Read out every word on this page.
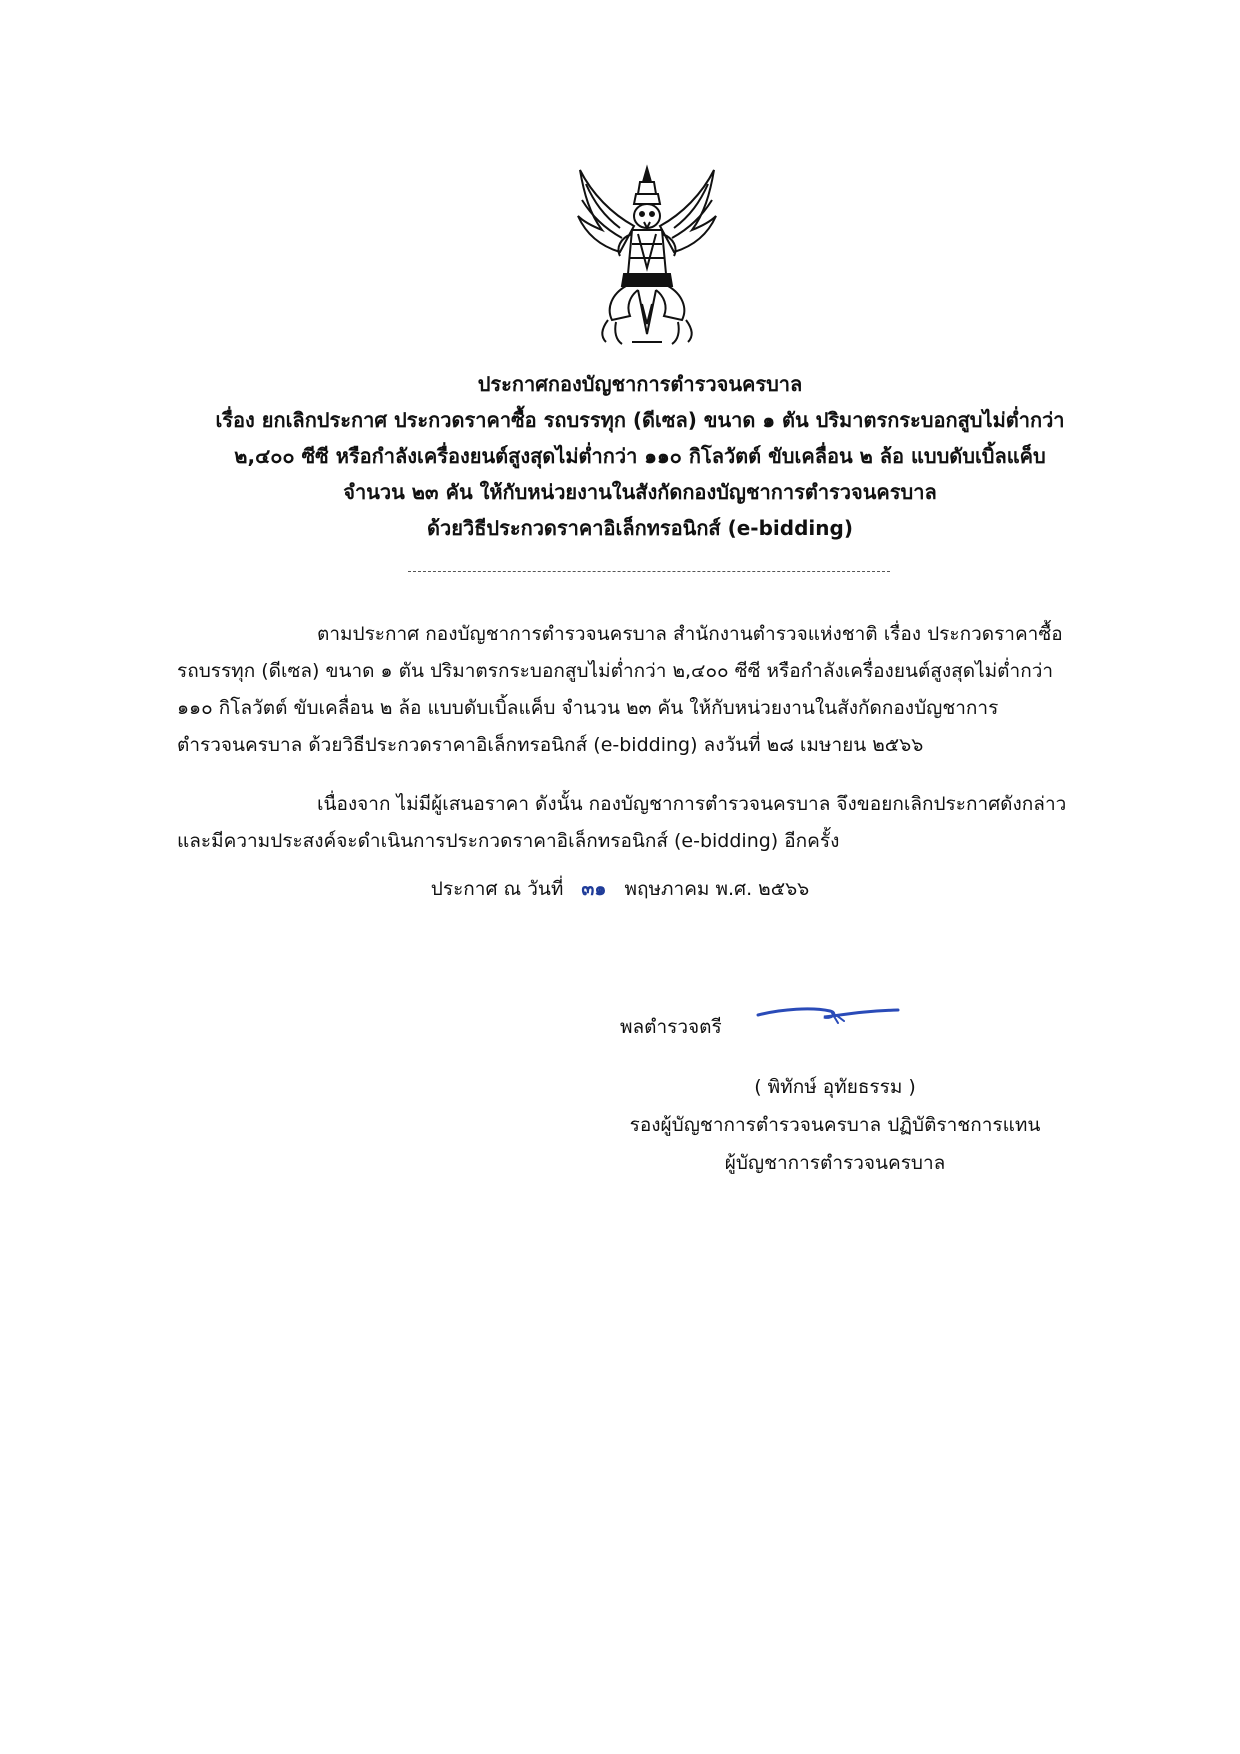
ประกาศกองบัญชาการตำรวจนครบาล
เรื่อง ยกเลิกประกาศ ประกวดราคาซื้อ รถบรรทุก (ดีเซล) ขนาด ๑ ตัน ปริมาตรกระบอกสูบไม่ต่ำกว่า
๒,๔๐๐ ซีซี หรือกำลังเครื่องยนต์สูงสุดไม่ต่ำกว่า ๑๑๐ กิโลวัตต์ ขับเคลื่อน ๒ ล้อ แบบดับเบิ้ลแค็บ
จำนวน ๒๓ คัน ให้กับหน่วยงานในสังกัดกองบัญชาการตำรวจนครบาล
ด้วยวิธีประกวดราคาอิเล็กทรอนิกส์ (e-bidding)
ตามประกาศ กองบัญชาการตำรวจนครบาล สำนักงานตำรวจแห่งชาติ เรื่อง ประกวดราคาซื้อ
รถบรรทุก (ดีเซล) ขนาด ๑ ตัน ปริมาตรกระบอกสูบไม่ต่ำกว่า ๒,๔๐๐ ซีซี หรือกำลังเครื่องยนต์สูงสุดไม่ต่ำกว่า
๑๑๐ กิโลวัตต์ ขับเคลื่อน ๒ ล้อ แบบดับเบิ้ลแค็บ จำนวน ๒๓ คัน ให้กับหน่วยงานในสังกัดกองบัญชาการ
ตำรวจนครบาล ด้วยวิธีประกวดราคาอิเล็กทรอนิกส์ (e-bidding) ลงวันที่ ๒๘ เมษายน ๒๕๖๖
เนื่องจาก ไม่มีผู้เสนอราคา ดังนั้น กองบัญชาการตำรวจนครบาล จึงขอยกเลิกประกาศดังกล่าว
และมีความประสงค์จะดำเนินการประกวดราคาอิเล็กทรอนิกส์ (e-bidding) อีกครั้ง
ประกาศ ณ วันที่ ๓๑ พฤษภาคม พ.ศ. ๒๕๖๖
พลตำรวจตรี
( พิทักษ์ อุทัยธรรม )
รองผู้บัญชาการตำรวจนครบาล ปฏิบัติราชการแทน
ผู้บัญชาการตำรวจนครบาล
